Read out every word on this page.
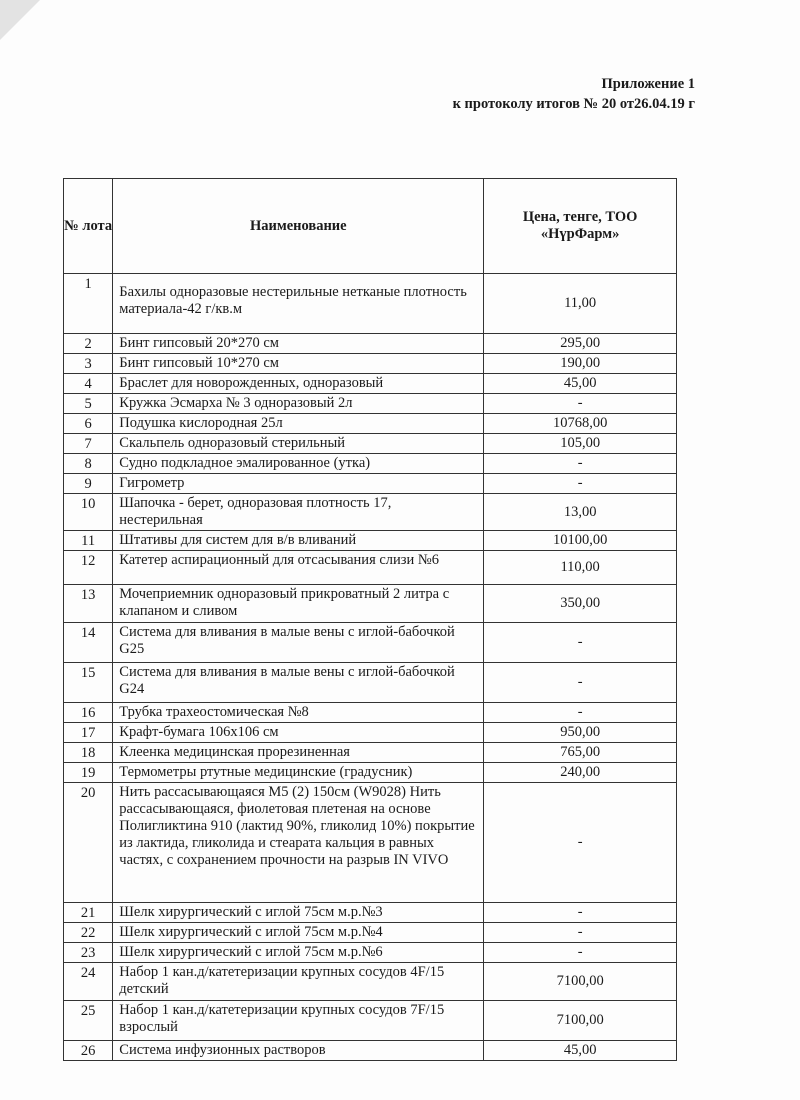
Приложение 1
к протоколу итогов № 20 от26.04.19 г
№ лота	Наименование	Цена, тенге, ТОО «НүрФарм»
1	Бахилы одноразовые нестерильные нетканые плотность материала-42 г/кв.м	11,00
2	Бинт гипсовый 20*270 см	295,00
3	Бинт гипсовый 10*270 см	190,00
4	Браслет для новорожденных, одноразовый	45,00
5	Кружка Эсмарха № 3 одноразовый 2л	-
6	Подушка кислородная 25л	10768,00
7	Скальпель одноразовый стерильный	105,00
8	Судно подкладное эмалированное (утка)	-
9	Гигрометр	-
10	Шапочка - берет, одноразовая плотность 17, нестерильная	13,00
11	Штативы для систем для в/в вливаний	10100,00
12	Катетер аспирационный для отсасывания слизи №6	110,00
13	Мочеприемник одноразовый прикроватный 2 литра с клапаном и сливом	350,00
14	Система для вливания в малые вены с иглой-бабочкой G25	-
15	Система для вливания в малые вены с иглой-бабочкой G24	-
16	Трубка трахеостомическая №8	-
17	Крафт-бумага 106х106 см	950,00
18	Клеенка медицинская прорезиненная	765,00
19	Термометры ртутные медицинские (градусник)	240,00
20	Нить рассасывающаяся М5 (2) 150см (W9028) Нить рассасывающаяся, фиолетовая плетеная на основе Полигликтина 910 (лактид 90%, гликолид 10%) покрытие из лактида, гликолида и стеарата кальция в равных частях, с сохранением прочности на разрыв IN VIVO	-
21	Шелк хирургический с иглой 75см м.р.№3	-
22	Шелк хирургический с иглой 75см м.р.№4	-
23	Шелк хирургический с иглой 75см м.р.№6	-
24	Набор 1 кан.д/катетеризации крупных сосудов 4F/15 детский	7100,00
25	Набор 1 кан.д/катетеризации крупных сосудов 7F/15 взрослый	7100,00
26	Система инфузионных растворов	45,00
